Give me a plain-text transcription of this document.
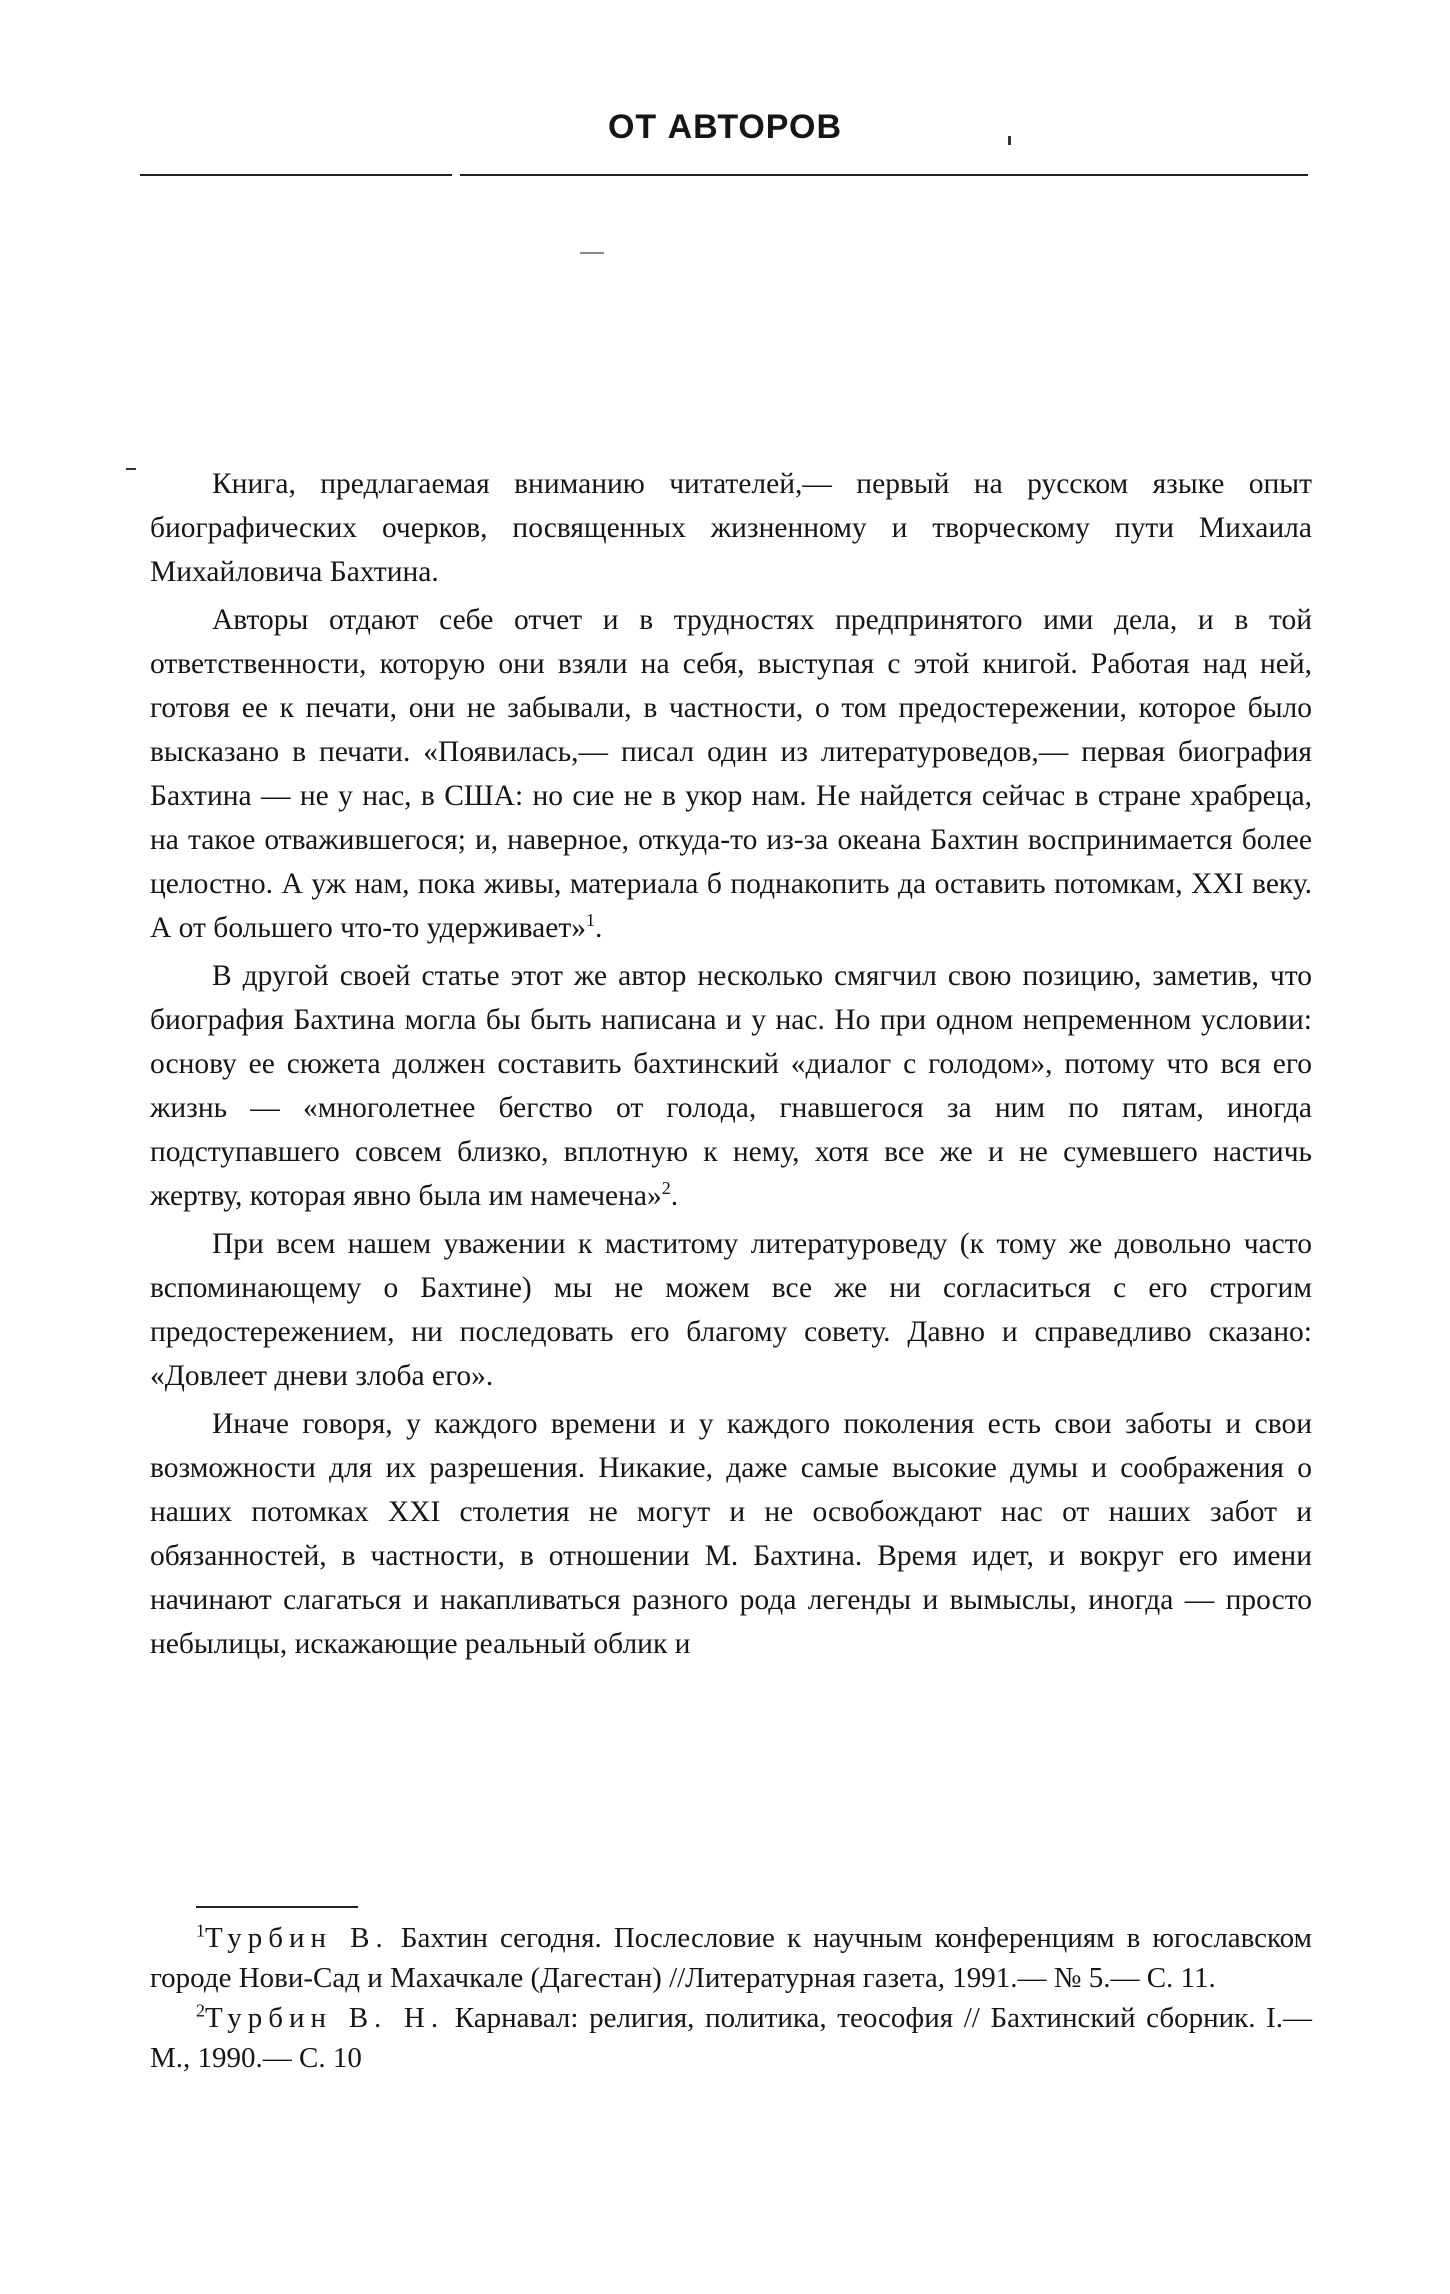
ОТ АВТОРОВ

Книга, предлагаемая вниманию читателей,— первый на русском языке опыт биографических очерков, посвященных жизненному и творческому пути Михаила Михайловича Бахтина.

Авторы отдают себе отчет и в трудностях предпринятого ими дела, и в той ответственности, которую они взяли на себя, выступая с этой книгой. Работая над ней, готовя ее к печати, они не забывали, в частности, о том предостережении, которое было высказано в печати. «Появилась,— писал один из литературоведов,— первая биография Бахтина — не у нас, в США: но сие не в укор нам. Не найдется сейчас в стране храбреца, на такое отважившегося; и, наверное, откуда-то из-за океана Бахтин воспринимается более целостно. А уж нам, пока живы, материала б поднакопить да оставить потомкам, XXI веку. А от большего что-то удерживает»$^1$.

В другой своей статье этот же автор несколько смягчил свою позицию, заметив, что биография Бахтина могла бы быть написана и у нас. Но при одном непременном условии: основу ее сюжета должен составить бахтинский «диалог с голодом», потому что вся его жизнь — «многолетнее бегство от голода, гнавшегося за ним по пятам, иногда подступавшего совсем близко, вплотную к нему, хотя все же и не сумевшего настичь жертву, которая явно была им намечена»$^2$.

При всем нашем уважении к маститому литературоведу (к тому же довольно часто вспоминающему о Бахтине) мы не можем все же ни согласиться с его строгим предостережением, ни последовать его благому совету. Давно и справедливо сказано: «Довлеет дневи злоба его».

Иначе говоря, у каждого времени и у каждого поколения есть свои заботы и свои возможности для их разрешения. Никакие, даже самые высокие думы и соображения о наших потомках XXI столетия не могут и не освобождают нас от наших забот и обязанностей, в частности, в отношении М. Бахтина. Время идет, и вокруг его имени начинают слагаться и накапливаться разного рода легенды и вымыслы, иногда — просто небылицы, искажающие реальный облик и

$^1$Турбин В. Бахтин сегодня. Послесловие к научным конференциям в югославском городе Нови-Сад и Махачкале (Дагестан) //Литературная газета, 1991.— № 5.— С. 11.

$^2$Турбин В. Н. Карнавал: религия, политика, теософия // Бахтинский сборник. I.— М., 1990.— С. 10
